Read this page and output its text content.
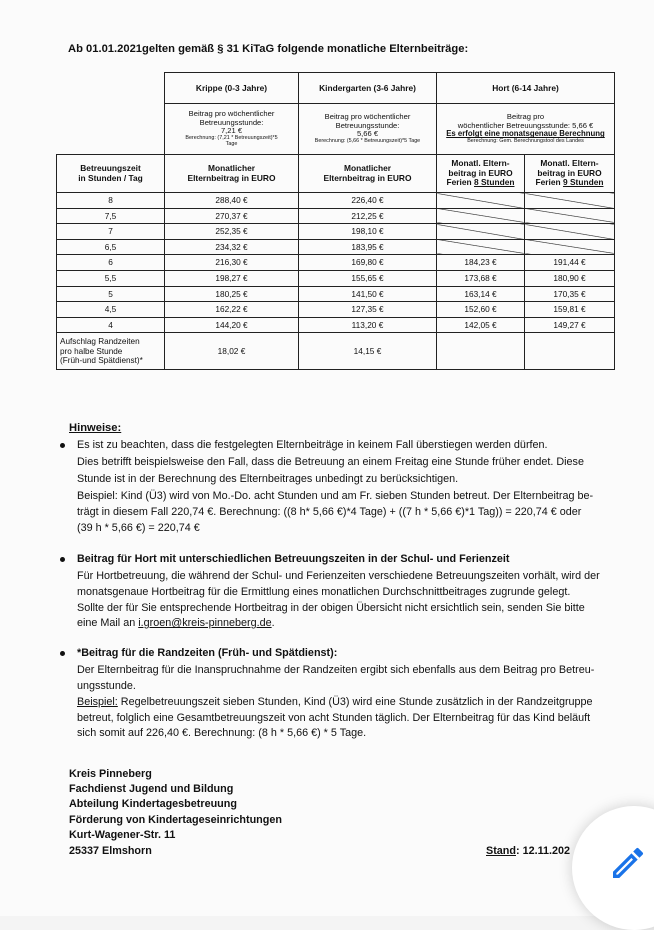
Ab 01.01.2021gelten gemäß § 31 KiTaG folgende monatliche Elternbeiträge:
	Krippe (0-3 Jahre)	Kindergarten (3-6 Jahre)	Hort (6-14 Jahre)	
	Beitrag pro wöchentlicher
Betreuungsstunde:
7,21 €
Berechnung: (7,21 * Betreuungszeit)*5
Tage	Beitrag pro wöchentlicher
Betreuungsstunde:
5,66 €
Berechnung: (5,66 * Betreuungszeit)*5 Tage	Beitrag pro
wöchentlicher Betreuungsstunde: 5,66 €
Es erfolgt eine monatsgenaue Berechnung
Berechnung: Gem. Berechnungstool des Landes	

Betreuungszeit
in Stunden / Tag	Monatlicher
Elternbeitrag in EURO	Monatlicher
Elternbeitrag in EURO	Monatl. Eltern-
beitrag in EURO
Ferien 8 Stunden	Monatl. Eltern-
beitrag in EURO
Ferien 9 Stunden
8	288,40 €	226,40 €		
7,5	270,37 €	212,25 €		
7	252,35 €	198,10 €		
6,5	234,32 €	183,95 €		
6	216,30 €	169,80 €	184,23 €	191,44 €
5,5	198,27 €	155,65 €	173,68 €	180,90 €
5	180,25 €	141,50 €	163,14 €	170,35 €
4,5	162,22 €	127,35 €	152,60 €	159,81 €
4	144,20 €	113,20 €	142,05 €	149,27 €
Aufschlag Randzeiten
pro halbe Stunde
(Früh-und Spätdienst)*	18,02 €	14,15 €		
Hinweise:
Es ist zu beachten, dass die festgelegten Elternbeiträge in keinem Fall überstiegen werden dürfen.
Dies betrifft beispielsweise den Fall, dass die Betreuung an einem Freitag eine Stunde früher endet. Diese
Stunde ist in der Berechnung des Elternbeitrages unbedingt zu berücksichtigen.
Beispiel: Kind (Ü3) wird von Mo.-Do. acht Stunden und am Fr. sieben Stunden betreut. Der Elternbeitrag be-
trägt in diesem Fall 220,74 €. Berechnung: ((8 h* 5,66 €)*4 Tage) + ((7 h * 5,66 €)*1 Tag)) = 220,74 € oder
(39 h * 5,66 €) = 220,74 €
Beitrag für Hort mit unterschiedlichen Betreuungszeiten in der Schul- und Ferienzeit
Für Hortbetreuung, die während der Schul- und Ferienzeiten verschiedene Betreuungszeiten vorhält, wird der
monatsgenaue Hortbeitrag für die Ermittlung eines monatlichen Durchschnittbeitrages zugrunde gelegt.
Sollte der für Sie entsprechende Hortbeitrag in der obigen Übersicht nicht ersichtlich sein, senden Sie bitte
eine Mail an i.groen@kreis-pinneberg.de.
*Beitrag für die Randzeiten (Früh- und Spätdienst):
Der Elternbeitrag für die Inanspruchnahme der Randzeiten ergibt sich ebenfalls aus dem Beitrag pro Betreu-
ungsstunde.
Beispiel: Regelbetreuungszeit sieben Stunden, Kind (Ü3) wird eine Stunde zusätzlich in der Randzeitgruppe
betreut, folglich eine Gesamtbetreuungszeit von acht Stunden täglich. Der Elternbeitrag für das Kind beläuft
sich somit auf 226,40 €. Berechnung: (8 h * 5,66 €) * 5 Tage.
Kreis Pinneberg
Fachdienst Jugend und Bildung
Abteilung Kindertagesbetreuung
Förderung von Kindertageseinrichtungen
Kurt-Wagener-Str. 11
25337 Elmshorn	Stand: 12.11.202
